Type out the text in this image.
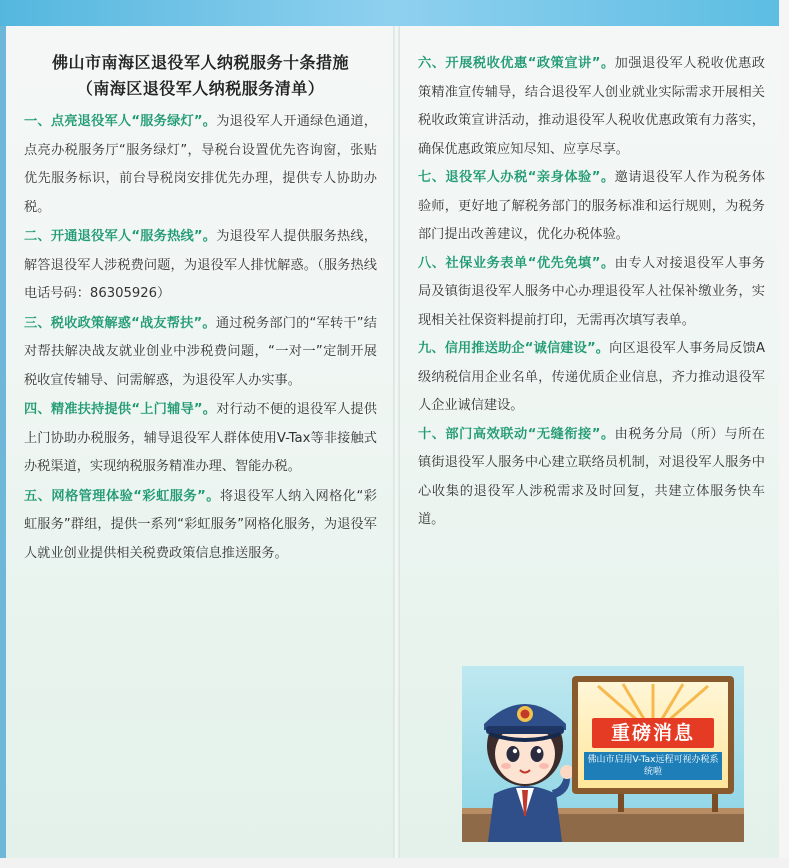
佛山市南海区退役军人纳税服务十条措施
（南海区退役军人纳税服务清单）

一、点亮退役军人“服务绿灯”。为退役军人开通绿色通道，点亮办税服务厅“服务绿灯”，导税台设置优先咨询窗，张贴优先服务标识，前台导税岗安排优先办理，提供专人协助办税。

二、开通退役军人“服务热线”。为退役军人提供服务热线，解答退役军人涉税费问题，为退役军人排忧解惑。（服务热线电话号码：86305926）

三、税收政策解惑“战友帮扶”。通过税务部门的“军转干”结对帮扶解决战友就业创业中涉税费问题，“一对一”定制开展税收宣传辅导、问需解惑，为退役军人办实事。

四、精准扶持提供“上门辅导”。对行动不便的退役军人提供上门协助办税服务，辅导退役军人群体使用V-Tax等非接触式办税渠道，实现纳税服务精准办理、智能办税。

五、网格管理体验“彩虹服务”。将退役军人纳入网格化“彩虹服务”群组，提供一系列“彩虹服务”网格化服务，为退役军人就业创业提供相关税费政策信息推送服务。

六、开展税收优惠“政策宣讲”。加强退役军人税收优惠政策精准宣传辅导，结合退役军人创业就业实际需求开展相关税收政策宣讲活动，推动退役军人税收优惠政策有力落实，确保优惠政策应知尽知、应享尽享。

七、退役军人办税“亲身体验”。邀请退役军人作为税务体验师，更好地了解税务部门的服务标准和运行规则，为税务部门提出改善建议，优化办税体验。

八、社保业务表单“优先免填”。由专人对接退役军人事务局及镇街退役军人服务中心办理退役军人社保补缴业务，实现相关社保资料提前打印，无需再次填写表单。

九、信用推送助企“诚信建设”。向区退役军人事务局反馈A级纳税信用企业名单，传递优质企业信息，齐力推动退役军人企业诚信建设。

十、部门高效联动“无缝衔接”。由税务分局（所）与所在镇街退役军人服务中心建立联络员机制，对退役军人服务中心收集的退役军人涉税需求及时回复，共建立体服务快车道。

重磅消息
佛山市启用V-Tax远程可视办税系统啦
